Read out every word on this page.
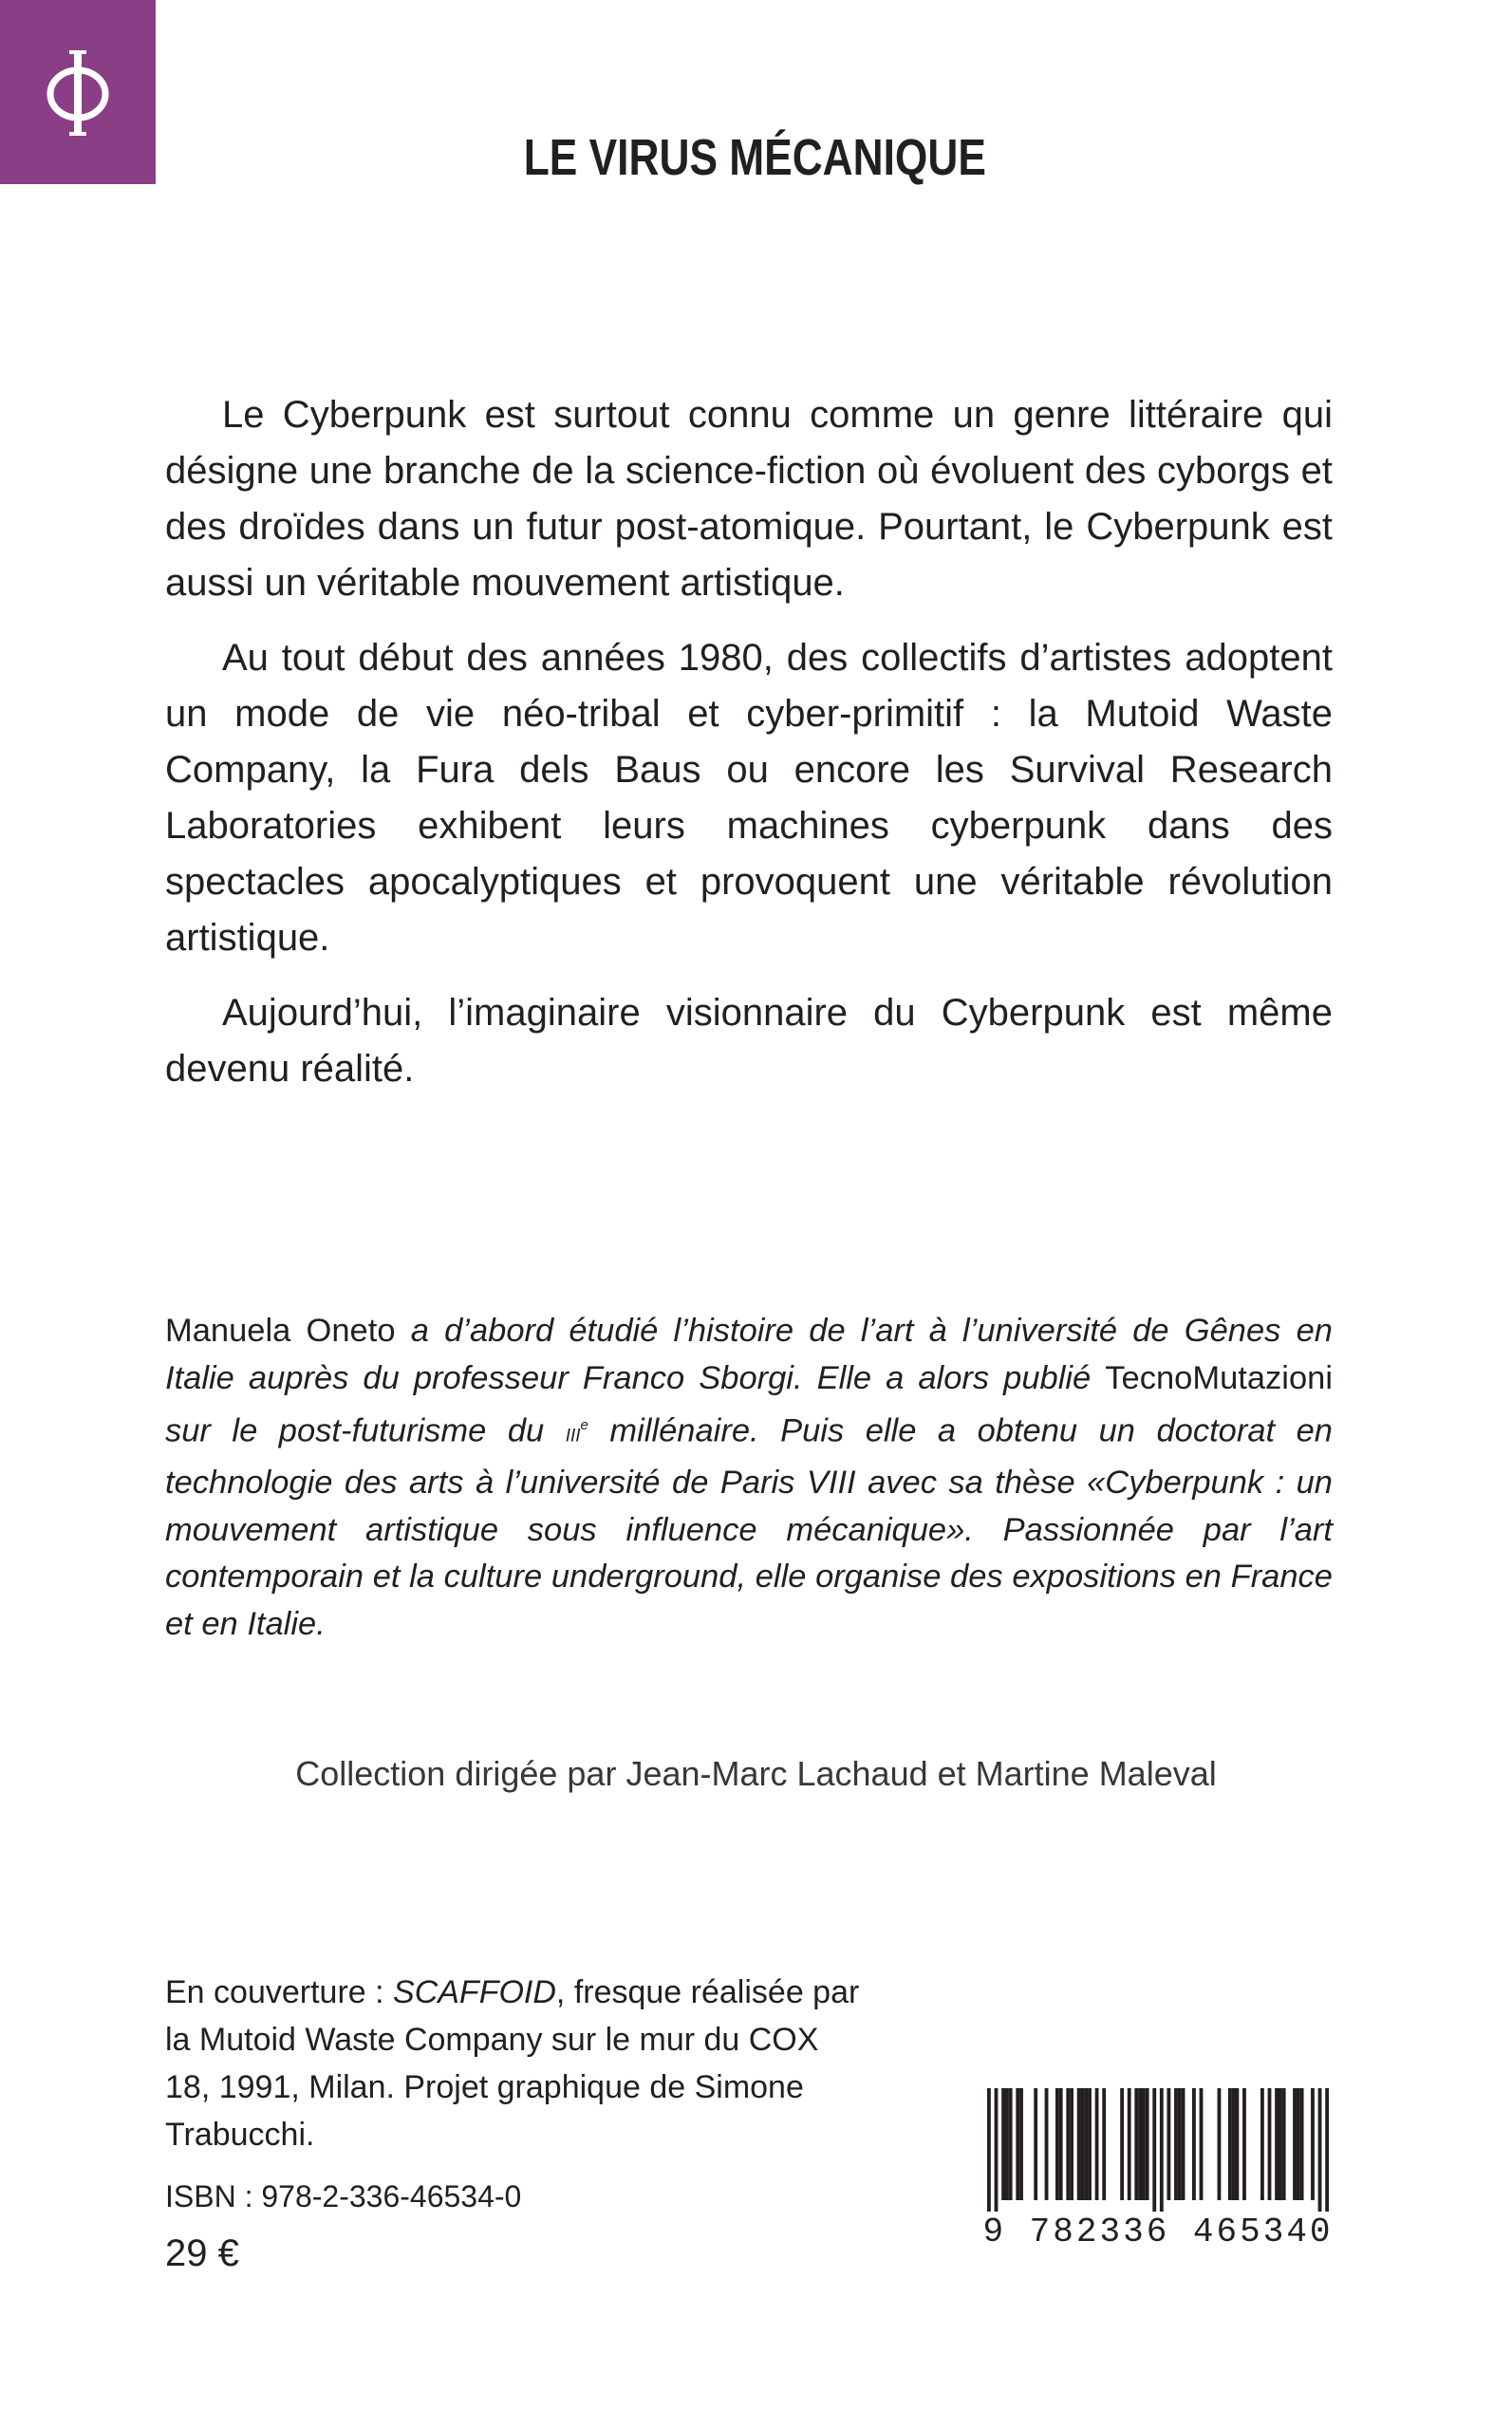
LE VIRUS MÉCANIQUE

Le Cyberpunk est surtout connu comme un genre littéraire qui désigne une branche de la science-fiction où évoluent des cyborgs et des droïdes dans un futur post-atomique. Pourtant, le Cyberpunk est aussi un véritable mouvement artistique.

Au tout début des années 1980, des collectifs d’artistes adoptent un mode de vie néo-tribal et cyber-primitif : la Mutoid Waste Company, la Fura dels Baus ou encore les Survival Research Laboratories exhibent leurs machines cyberpunk dans des spectacles apocalyptiques et provoquent une véritable révolution artistique.

Aujourd’hui, l’imaginaire visionnaire du Cyberpunk est même devenu réalité.

Manuela Oneto a d’abord étudié l’histoire de l’art à l’université de Gênes en Italie auprès du professeur Franco Sborgi. Elle a alors publié TecnoMutazioni sur le post-futurisme du IIIe millénaire. Puis elle a obtenu un doctorat en technologie des arts à l’université de Paris VIII avec sa thèse «Cyberpunk : un mouvement artistique sous influence mécanique». Passionnée par l’art contemporain et la culture underground, elle organise des expositions en France et en Italie.
Collection dirigée par Jean-Marc Lachaud et Martine Maleval
En couverture : SCAFFOID, fresque réalisée par la Mutoid Waste Company sur le mur du COX 18, 1991, Milan. Projet graphique de Simone Trabucchi.
ISBN : 978-2-336-46534-0
29 €
9 782336 465340
